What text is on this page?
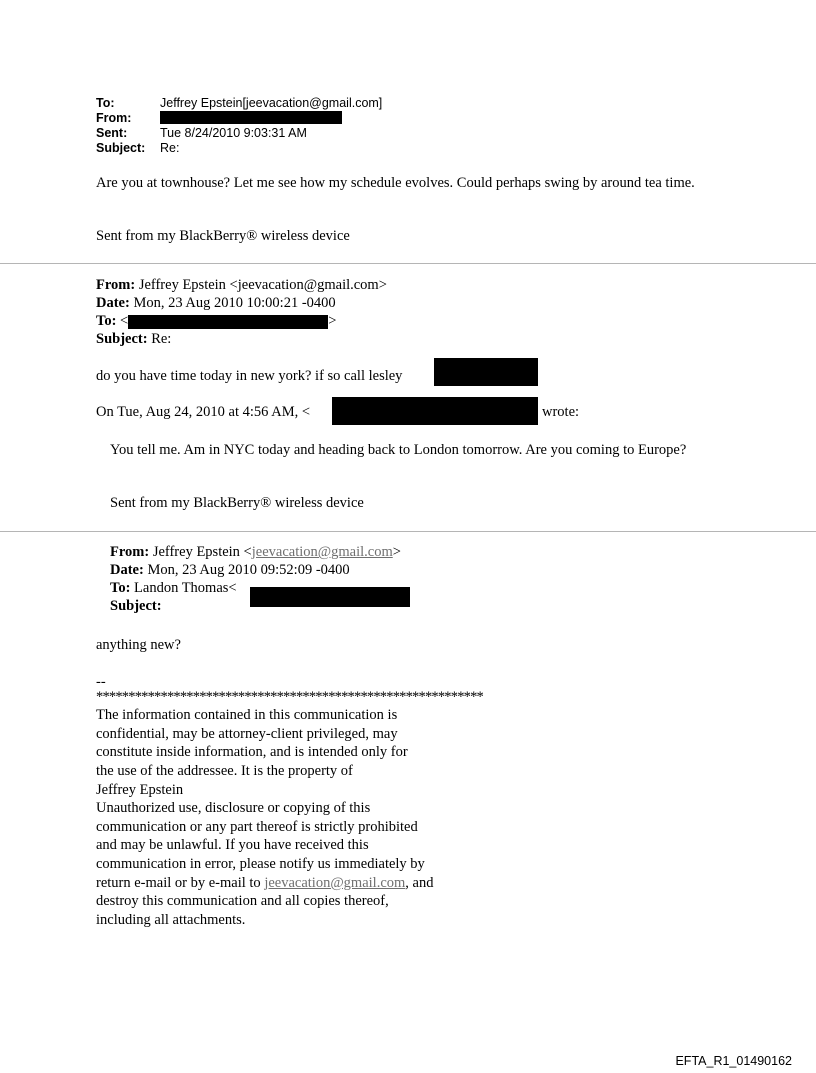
To:	Jeffrey Epstein[jeevacation@gmail.com]
From:
Sent:	Tue 8/24/2010 9:03:31 AM
Subject:	Re:
Are you at townhouse? Let me see how my schedule evolves. Could perhaps swing by around tea time.
Sent from my BlackBerry® wireless device
From: Jeffrey Epstein <jeevacation@gmail.com>
Date: Mon, 23 Aug 2010 10:00:21 -0400
To: <	>
Subject: Re:
do you have time today in new york? if so call lesley
On Tue, Aug 24, 2010 at 4:56 AM, <	wrote:
You tell me. Am in NYC today and heading back to London tomorrow. Are you coming to Europe?
Sent from my BlackBerry® wireless device
From: Jeffrey Epstein <jeevacation@gmail.com>
Date: Mon, 23 Aug 2010 09:52:09 -0400
To: Landon Thomas<
Subject:
anything new?
--
************************************************************
The information contained in this communication is
confidential, may be attorney-client privileged, may
constitute inside information, and is intended only for
the use of the addressee. It is the property of
Jeffrey Epstein
Unauthorized use, disclosure or copying of this
communication or any part thereof is strictly prohibited
and may be unlawful. If you have received this
communication in error, please notify us immediately by
return e-mail or by e-mail to jeevacation@gmail.com, and
destroy this communication and all copies thereof,
including all attachments.
EFTA_R1_01490162
